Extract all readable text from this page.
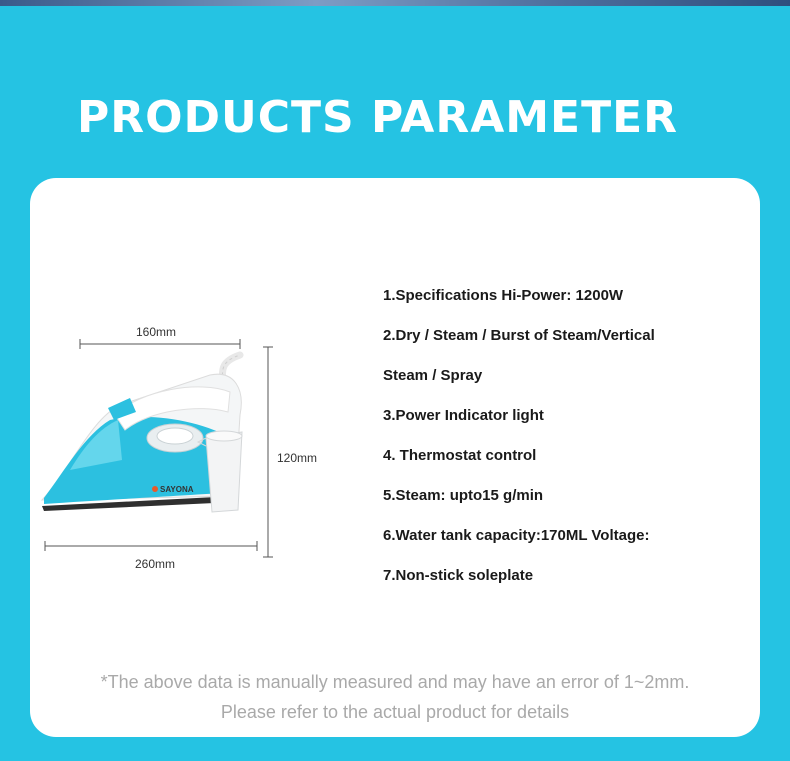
PRODUCTS PARAMETER
160mm
120mm
260mm
SAYONA
1.Specifications Hi-Power: 1200W
2.Dry / Steam / Burst of Steam/Vertical
Steam / Spray
3.Power Indicator light
4. Thermostat control
5.Steam: upto15 g/min
6.Water tank capacity:170ML Voltage:
7.Non-stick soleplate
*The above data is manually measured and may have an error of 1~2mm.
Please refer to the actual product for details
